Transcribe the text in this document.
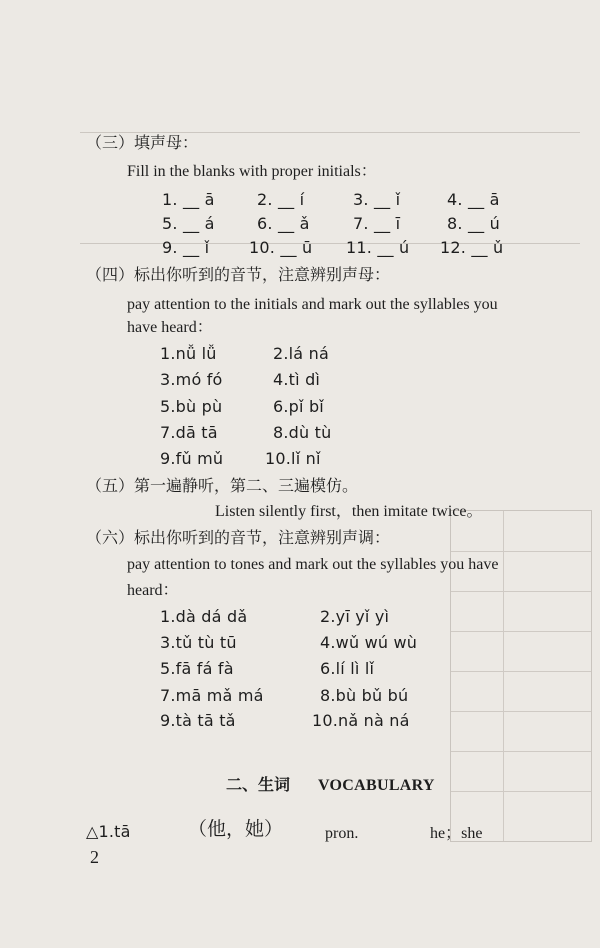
（三）填声母：
Fill in the blanks with proper initials：
1. __ ā	2. __ í	3. __ ǐ	4. __ ā
5. __ á	6. __ ǎ	7. __ ī	8. __ ú
9. __ ǐ 10. __ ū 11. __ ú 12. __ ǔ
（四）标出你听到的音节，注意辨别声母：
pay attention to the initials and mark out the syllables you
have heard：
1.nǚ lǚ	2.lá ná
3.mó fó	4.tì dì
5.bù pù	6.pǐ bǐ
7.dā tā	8.dù tù
9.fǔ mǔ	10.lǐ nǐ
（五）第一遍静听，第二、三遍模仿。
Listen silently first，then imitate twice。
（六）标出你听到的音节，注意辨别声调：
pay attention to tones and mark out the syllables you have
heard：
1.dà dá dǎ	2.yī yǐ yì
3.tǔ tù tū	4.wǔ wú wù
5.fā fá fà	6.lí lì lǐ
7.mā mǎ má	8.bù bǔ bú
9.tà tā tǎ	10.nǎ nà ná
二、生词 VOCABULARY
△1.tā	（他，她）	pron.	he；she
2
